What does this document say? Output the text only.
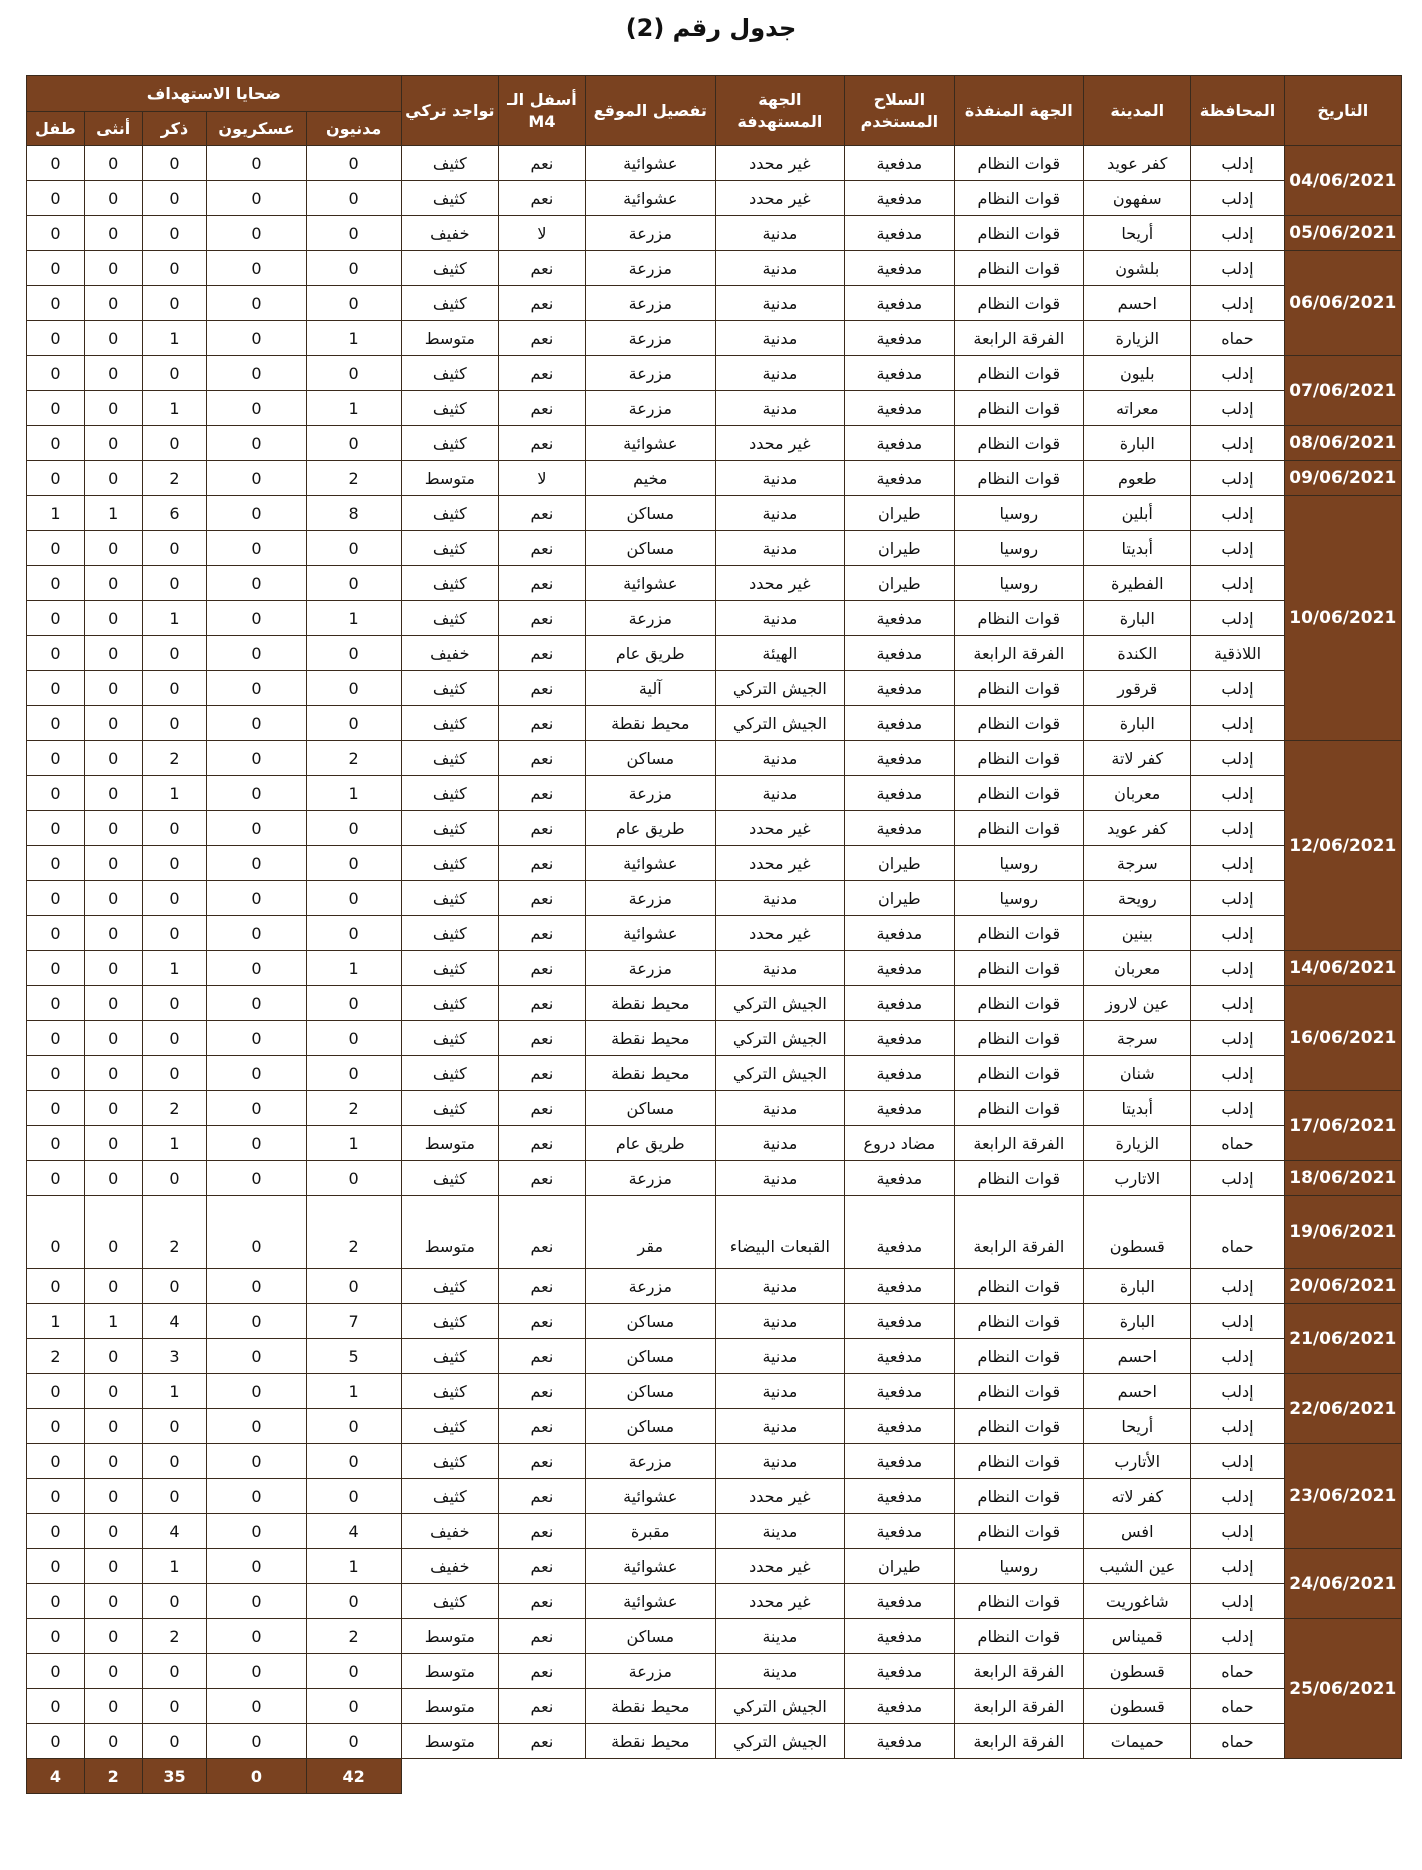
جدول رقم (2)
التاريخ	المحافظة	المدينة	الجهة المنفذة	السلاح المستخدم	الجهة المستهدفة	تفصيل الموقع	أسفل الـ M4	تواجد تركي	ضحايا الاستهداف				
									مدنيون	عسكريون	ذكر	أنثى	طفل
04/06/2021	إدلب	كفر عويد	قوات النظام	مدفعية	غير محدد	عشوائية	نعم	كثيف	0	0	0	0	0
	إدلب	سفهون	قوات النظام	مدفعية	غير محدد	عشوائية	نعم	كثيف	0	0	0	0	0
05/06/2021	إدلب	أريحا	قوات النظام	مدفعية	مدنية	مزرعة	لا	خفيف	0	0	0	0	0
06/06/2021	إدلب	بلشون	قوات النظام	مدفعية	مدنية	مزرعة	نعم	كثيف	0	0	0	0	0
	إدلب	احسم	قوات النظام	مدفعية	مدنية	مزرعة	نعم	كثيف	0	0	0	0	0
	حماه	الزيارة	الفرقة الرابعة	مدفعية	مدنية	مزرعة	نعم	متوسط	1	0	1	0	0
07/06/2021	إدلب	بليون	قوات النظام	مدفعية	مدنية	مزرعة	نعم	كثيف	0	0	0	0	0
	إدلب	معراته	قوات النظام	مدفعية	مدنية	مزرعة	نعم	كثيف	1	0	1	0	0
08/06/2021	إدلب	البارة	قوات النظام	مدفعية	غير محدد	عشوائية	نعم	كثيف	0	0	0	0	0
09/06/2021	إدلب	طعوم	قوات النظام	مدفعية	مدنية	مخيم	لا	متوسط	2	0	2	0	0
10/06/2021	إدلب	أبلين	روسيا	طيران	مدنية	مساكن	نعم	كثيف	8	0	6	1	1
	إدلب	أبديتا	روسيا	طيران	مدنية	مساكن	نعم	كثيف	0	0	0	0	0
	إدلب	الفطيرة	روسيا	طيران	غير محدد	عشوائية	نعم	كثيف	0	0	0	0	0
	إدلب	البارة	قوات النظام	مدفعية	مدنية	مزرعة	نعم	كثيف	1	0	1	0	0
	اللاذقية	الكندة	الفرقة الرابعة	مدفعية	الهيئة	طريق عام	نعم	خفيف	0	0	0	0	0
	إدلب	قرقور	قوات النظام	مدفعية	الجيش التركي	آلية	نعم	كثيف	0	0	0	0	0
	إدلب	البارة	قوات النظام	مدفعية	الجيش التركي	محيط نقطة	نعم	كثيف	0	0	0	0	0
12/06/2021	إدلب	كفر لاتة	قوات النظام	مدفعية	مدنية	مساكن	نعم	كثيف	2	0	2	0	0
	إدلب	معربان	قوات النظام	مدفعية	مدنية	مزرعة	نعم	كثيف	1	0	1	0	0
	إدلب	كفر عويد	قوات النظام	مدفعية	غير محدد	طريق عام	نعم	كثيف	0	0	0	0	0
	إدلب	سرجة	روسيا	طيران	غير محدد	عشوائية	نعم	كثيف	0	0	0	0	0
	إدلب	رويحة	روسيا	طيران	مدنية	مزرعة	نعم	كثيف	0	0	0	0	0
	إدلب	بينين	قوات النظام	مدفعية	غير محدد	عشوائية	نعم	كثيف	0	0	0	0	0
14/06/2021	إدلب	معربان	قوات النظام	مدفعية	مدنية	مزرعة	نعم	كثيف	1	0	1	0	0
16/06/2021	إدلب	عين لاروز	قوات النظام	مدفعية	الجيش التركي	محيط نقطة	نعم	كثيف	0	0	0	0	0
	إدلب	سرجة	قوات النظام	مدفعية	الجيش التركي	محيط نقطة	نعم	كثيف	0	0	0	0	0
	إدلب	شنان	قوات النظام	مدفعية	الجيش التركي	محيط نقطة	نعم	كثيف	0	0	0	0	0
17/06/2021	إدلب	أبديتا	قوات النظام	مدفعية	مدنية	مساكن	نعم	كثيف	2	0	2	0	0
	حماه	الزيارة	الفرقة الرابعة	مضاد دروع	مدنية	طريق عام	نعم	متوسط	1	0	1	0	0
18/06/2021	إدلب	الاتارب	قوات النظام	مدفعية	مدنية	مزرعة	نعم	كثيف	0	0	0	0	0
19/06/2021	حماه	قسطون	الفرقة الرابعة	مدفعية	القبعات البيضاء	مقر	نعم	متوسط	2	0	2	0	0
20/06/2021	إدلب	البارة	قوات النظام	مدفعية	مدنية	مزرعة	نعم	كثيف	0	0	0	0	0
21/06/2021	إدلب	البارة	قوات النظام	مدفعية	مدنية	مساكن	نعم	كثيف	7	0	4	1	1
	إدلب	احسم	قوات النظام	مدفعية	مدنية	مساكن	نعم	كثيف	5	0	3	0	2
22/06/2021	إدلب	احسم	قوات النظام	مدفعية	مدنية	مساكن	نعم	كثيف	1	0	1	0	0
	إدلب	أريحا	قوات النظام	مدفعية	مدنية	مساكن	نعم	كثيف	0	0	0	0	0
23/06/2021	إدلب	الأتارب	قوات النظام	مدفعية	مدنية	مزرعة	نعم	كثيف	0	0	0	0	0
	إدلب	كفر لاته	قوات النظام	مدفعية	غير محدد	عشوائية	نعم	كثيف	0	0	0	0	0
	إدلب	افس	قوات النظام	مدفعية	مدينة	مقبرة	نعم	خفيف	4	0	4	0	0
24/06/2021	إدلب	عين الشيب	روسيا	طيران	غير محدد	عشوائية	نعم	خفيف	1	0	1	0	0
	إدلب	شاغوريت	قوات النظام	مدفعية	غير محدد	عشوائية	نعم	كثيف	0	0	0	0	0
25/06/2021	إدلب	قميناس	قوات النظام	مدفعية	مدينة	مساكن	نعم	متوسط	2	0	2	0	0
	حماه	قسطون	الفرقة الرابعة	مدفعية	مدينة	مزرعة	نعم	متوسط	0	0	0	0	0
	حماه	قسطون	الفرقة الرابعة	مدفعية	الجيش التركي	محيط نقطة	نعم	متوسط	0	0	0	0	0
	حماه	حميمات	الفرقة الرابعة	مدفعية	الجيش التركي	محيط نقطة	نعم	متوسط	0	0	0	0	0
									42	0	35	2	4
